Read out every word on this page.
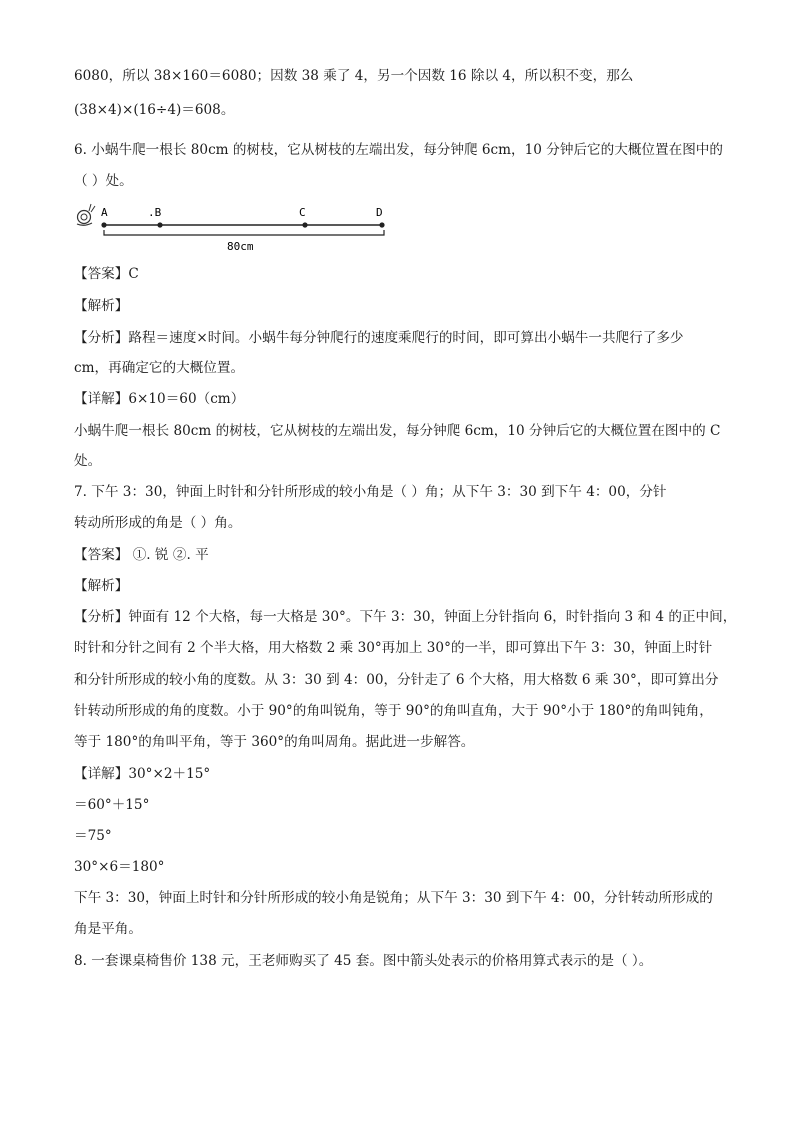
6080，所以 38×160＝6080；因数 38 乘了 4，另一个因数 16 除以 4，所以积不变，那么
(38×4)×(16÷4)＝608。
6. 小蜗牛爬一根长 80cm 的树枝，它从树枝的左端出发，每分钟爬 6cm，10 分钟后它的大概位置在图中的
（ ）处。
A	.B	C	D
80cm
【答案】C
【解析】
【分析】路程＝速度×时间。小蜗牛每分钟爬行的速度乘爬行的时间，即可算出小蜗牛一共爬行了多少
cm，再确定它的大概位置。
【详解】6×10＝60（cm）
小蜗牛爬一根长 80cm 的树枝，它从树枝的左端出发，每分钟爬 6cm，10 分钟后它的大概位置在图中的 C
处。
7. 下午 3：30，钟面上时针和分针所形成的较小角是（ ）角；从下午 3：30 到下午 4：00，分针
转动所形成的角是（ ）角。
【答案】 ①. 锐 ②. 平
【解析】
【分析】钟面有 12 个大格，每一大格是 30°。下午 3：30，钟面上分针指向 6，时针指向 3 和 4 的正中间，
时针和分针之间有 2 个半大格，用大格数 2 乘 30°再加上 30°的一半，即可算出下午 3：30，钟面上时针
和分针所形成的较小角的度数。从 3：30 到 4：00，分针走了 6 个大格，用大格数 6 乘 30°，即可算出分
针转动所形成的角的度数。小于 90°的角叫锐角，等于 90°的角叫直角，大于 90°小于 180°的角叫钝角，
等于 180°的角叫平角，等于 360°的角叫周角。据此进一步解答。
【详解】30°×2＋15°
＝60°＋15°
＝75°
30°×6＝180°
下午 3：30，钟面上时针和分针所形成的较小角是锐角；从下午 3：30 到下午 4：00，分针转动所形成的
角是平角。
8. 一套课桌椅售价 138 元，王老师购买了 45 套。图中箭头处表示的价格用算式表示的是（ ）。
